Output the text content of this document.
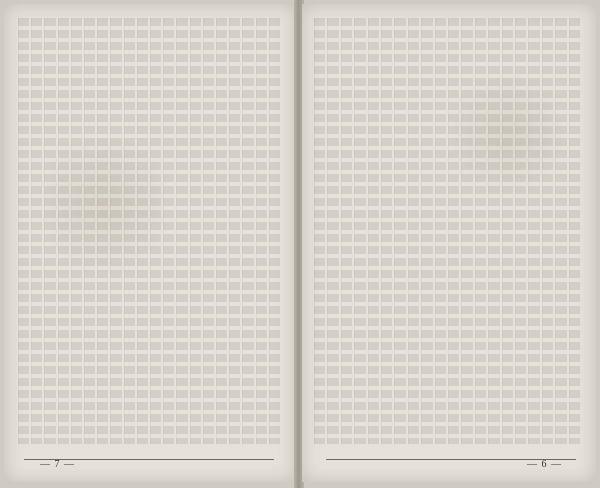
— 7 —	— 6 —
